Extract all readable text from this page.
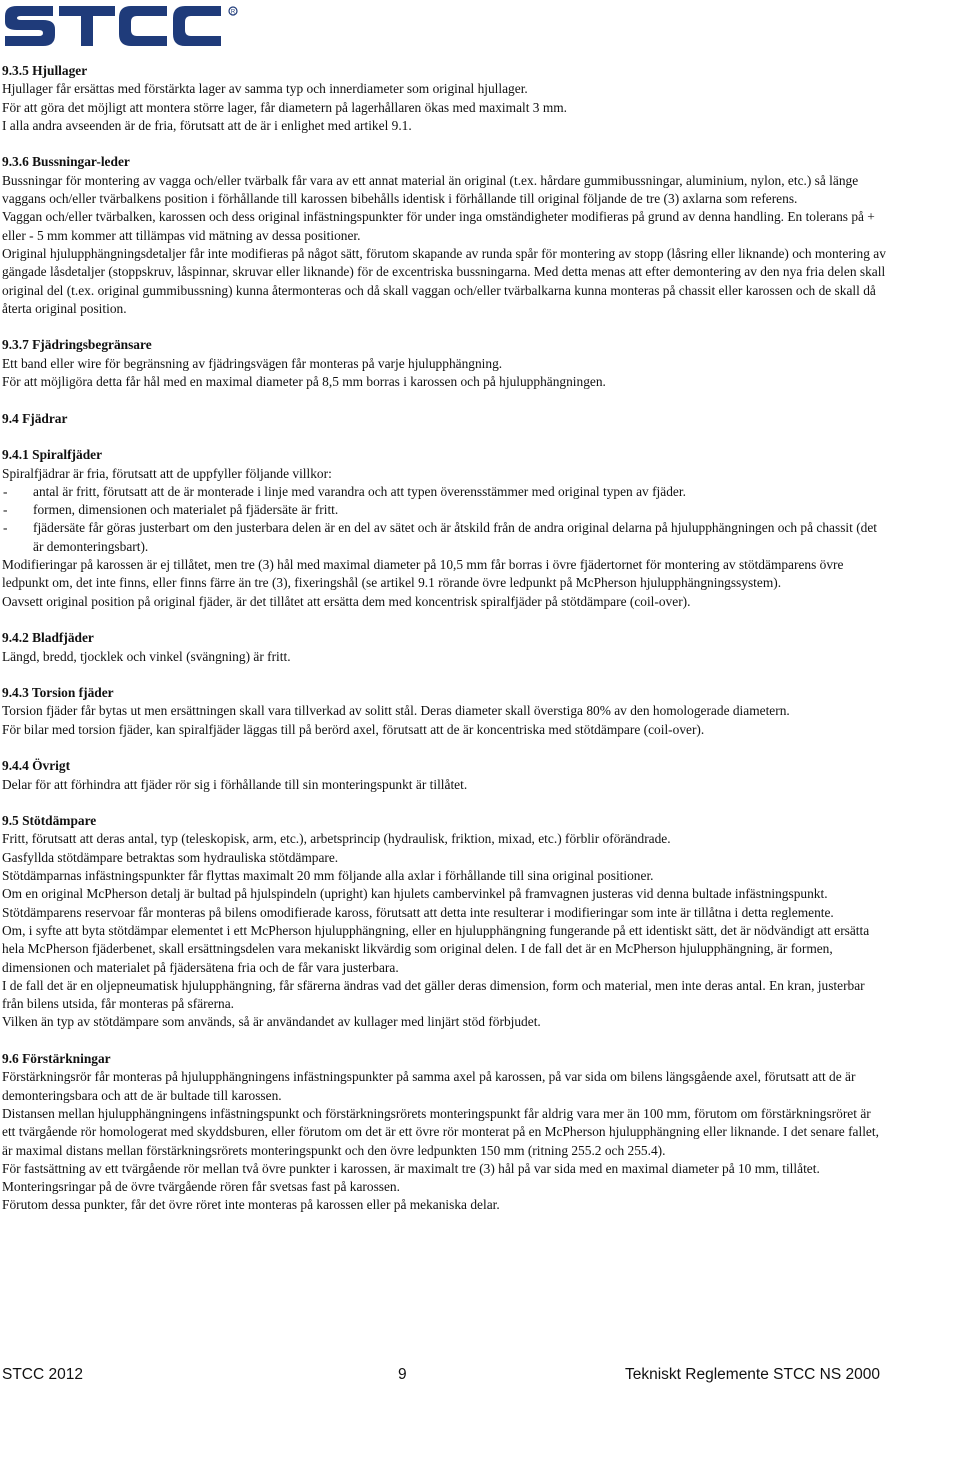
R
9.3.5 Hjullager

Hjullager får ersättas med förstärkta lager av samma typ och innerdiameter som original hjullager.

För att göra det möjligt att montera större lager, får diametern på lagerhållaren ökas med maximalt 3 mm.

I alla andra avseenden är de fria, förutsatt att de är i enlighet med artikel 9.1.

9.3.6 Bussningar-leder

Bussningar för montering av vagga och/eller tvärbalk får vara av ett annat material än original (t.ex. hårdare gummibussningar, aluminium, nylon, etc.) så länge vaggans och/eller tvärbalkens position i förhållande till karossen bibehålls identisk i förhållande till original följande de tre (3) axlarna som referens.

Vaggan och/eller tvärbalken, karossen och dess original infästningspunkter för under inga omständigheter modifieras på grund av denna handling. En tolerans på + eller - 5 mm kommer att tillämpas vid mätning av dessa positioner.

Original hjulupphängningsdetaljer får inte modifieras på något sätt, förutom skapande av runda spår för montering av stopp (låsring eller liknande) och montering av gängade låsdetaljer (stoppskruv, låspinnar, skruvar eller liknande) för de excentriska bussningarna. Med detta menas att efter demontering av den nya fria delen skall original del (t.ex. original gummibussning) kunna återmonteras och då skall vaggan och/eller tvärbalkarna kunna monteras på chassit eller karossen och de skall då återta original position.

9.3.7 Fjädringsbegränsare

Ett band eller wire för begränsning av fjädringsvägen får monteras på varje hjulupphängning.

För att möjligöra detta får hål med en maximal diameter på 8,5 mm borras i karossen och på hjulupphängningen.

9.4 Fjädrar
9.4.1 Spiralfjäder

Spiralfjädrar är fria, förutsatt att de uppfyller följande villkor:

- antal är fritt, förutsatt att de är monterade i linje med varandra och att typen överensstämmer med original typen av fjäder.

- formen, dimensionen och materialet på fjädersäte är fritt.

- fjädersäte får göras justerbart om den justerbara delen är en del av sätet och är åtskild från de andra original delarna på hjulupphängningen och på chassit (det är demonteringsbart).

Modifieringar på karossen är ej tillåtet, men tre (3) hål med maximal diameter på 10,5 mm får borras i övre fjädertornet för montering av stötdämparens övre ledpunkt om, det inte finns, eller finns färre än tre (3), fixeringshål (se artikel 9.1 rörande övre ledpunkt på McPherson hjulupphängningssystem).

Oavsett original position på original fjäder, är det tillåtet att ersätta dem med koncentrisk spiralfjäder på stötdämpare (coil-over).

9.4.2 Bladfjäder

Längd, bredd, tjocklek och vinkel (svängning) är fritt.

9.4.3 Torsion fjäder

Torsion fjäder får bytas ut men ersättningen skall vara tillverkad av solitt stål. Deras diameter skall överstiga 80% av den homologerade diametern.

För bilar med torsion fjäder, kan spiralfjäder läggas till på berörd axel, förutsatt att de är koncentriska med stötdämpare (coil-over).

9.4.4 Övrigt

Delar för att förhindra att fjäder rör sig i förhållande till sin monteringspunkt är tillåtet.

9.5 Stötdämpare

Fritt, förutsatt att deras antal, typ (teleskopisk, arm, etc.), arbetsprincip (hydraulisk, friktion, mixad, etc.) förblir oförändrade.

Gasfyllda stötdämpare betraktas som hydrauliska stötdämpare.

Stötdämparnas infästningspunkter får flyttas maximalt 20 mm följande alla axlar i förhållande till sina original positioner.

Om en original McPherson detalj är bultad på hjulspindeln (upright) kan hjulets cambervinkel på framvagnen justeras vid denna bultade infästningspunkt.

Stötdämparens reservoar får monteras på bilens omodifierade kaross, förutsatt att detta inte resulterar i modifieringar som inte är tillåtna i detta reglemente.

Om, i syfte att byta stötdämpar elementet i ett McPherson hjulupphängning, eller en hjulupphängning fungerande på ett identiskt sätt, det är nödvändigt att ersätta hela McPherson fjäderbenet, skall ersättningsdelen vara mekaniskt likvärdig som original delen. I de fall det är en McPherson hjulupphängning, är formen, dimensionen och materialet på fjädersätena fria och de får vara justerbara.

I de fall det är en oljepneumatisk hjulupphängning, får sfärerna ändras vad det gäller deras dimension, form och material, men inte deras antal. En kran, justerbar från bilens utsida, får monteras på sfärerna.

Vilken än typ av stötdämpare som används, så är användandet av kullager med linjärt stöd förbjudet.

9.6 Förstärkningar

Förstärkningsrör får monteras på hjulupphängningens infästningspunkter på samma axel på karossen, på var sida om bilens längsgående axel, förutsatt att de är demonteringsbara och att de är bultade till karossen.

Distansen mellan hjulupphängningens infästningspunkt och förstärkningsrörets monteringspunkt får aldrig vara mer än 100 mm, förutom om förstärkningsröret är ett tvärgående rör homologerat med skyddsburen, eller förutom om det är ett övre rör monterat på en McPherson hjulupphängning eller liknande. I det senare fallet, är maximal distans mellan förstärkningsrörets monteringspunkt och den övre ledpunkten 150 mm (ritning 255.2 och 255.4).

För fastsättning av ett tvärgående rör mellan två övre punkter i karossen, är maximalt tre (3) hål på var sida med en maximal diameter på 10 mm, tillåtet. Monteringsringar på de övre tvärgående rören får svetsas fast på karossen.

Förutom dessa punkter, får det övre röret inte monteras på karossen eller på mekaniska delar.

STCC 2012	9	Tekniskt Reglemente STCC NS 2000
